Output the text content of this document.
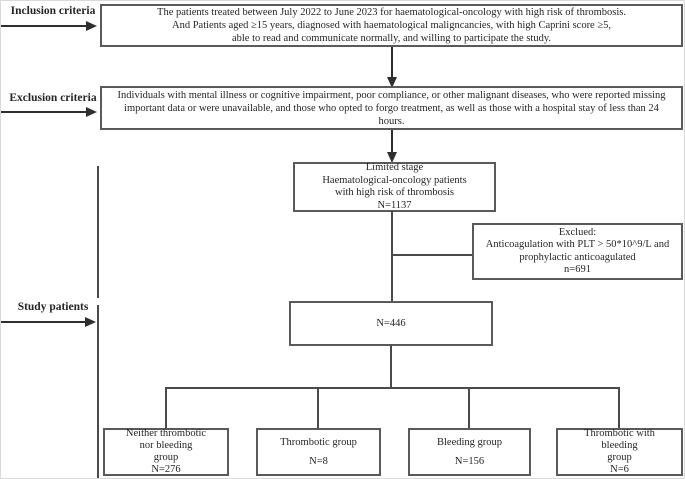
Inclusion criteria	The patients treated between July 2022 to June 2023 for haematological-oncology with high risk of thrombosis.
And Patients aged ≥15 years, diagnosed with haematological maligncancies, with high Caprini score ≥5,
able to read and communicate normally, and willing to participate the study.
Exclusion criteria Individuals with mental illness or cognitive impairment, poor compliance, or other malignant diseases, who were reported missing
important data or were unavailable, and those who opted to forgo treatment, as well as those with a hospital stay of less than 24
hours.
Limited stage
Haematological-oncology patients
with high risk of thrombosis
N=1137
Exclued:
Anticoagulation with PLT > 50*10^9/L and
prophylactic anticoagulated
n=691
N=446
Neither thrombotic
nor bleeding
group
N=276
Thrombotic group
N=8
Bleeding group
N=156
Thrombotic with
bleeding
group
N=6
Study patients
